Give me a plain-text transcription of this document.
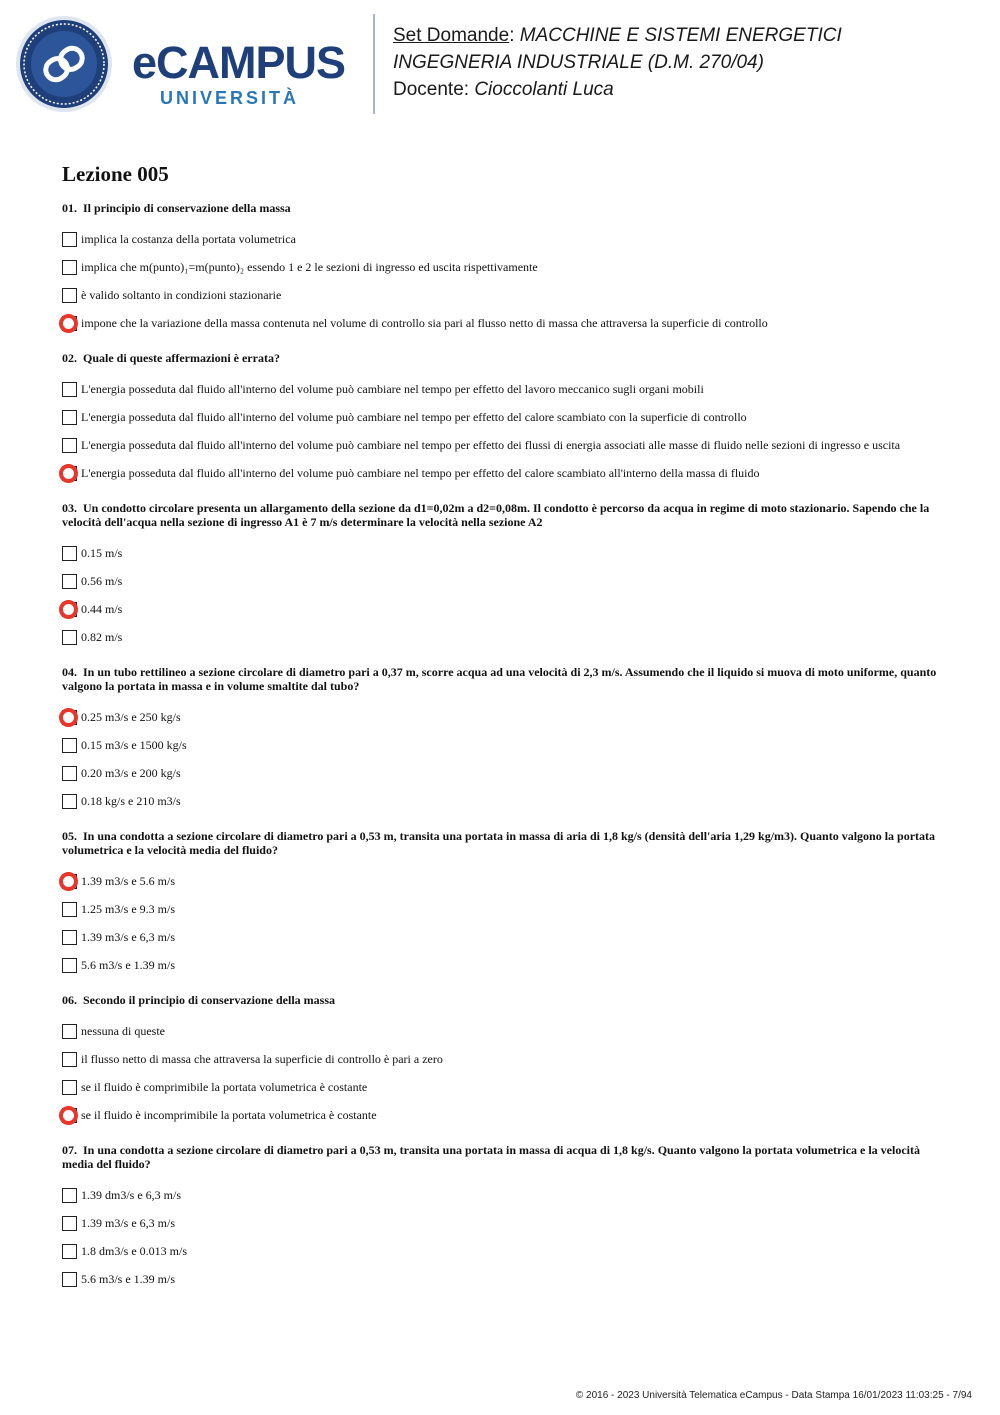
eCAMPUS
UNIVERSITÀ
Set Domande: MACCHINE E SISTEMI ENERGETICI
INGEGNERIA INDUSTRIALE (D.M. 270/04)
Docente: Cioccolanti Luca
Lezione 005
01. Il principio di conservazione della massa
implica la costanza della portata volumetrica
implica che m(punto)₁=m(punto)₂ essendo 1 e 2 le sezioni di ingresso ed uscita rispettivamente
è valido soltanto in condizioni stazionarie
impone che la variazione della massa contenuta nel volume di controllo sia pari al flusso netto di massa che attraversa la superficie di controllo
02. Quale di queste affermazioni è errata?
L'energia posseduta dal fluido all'interno del volume può cambiare nel tempo per effetto del lavoro meccanico sugli organi mobili
L'energia posseduta dal fluido all'interno del volume può cambiare nel tempo per effetto del calore scambiato con la superficie di controllo
L'energia posseduta dal fluido all'interno del volume può cambiare nel tempo per effetto dei flussi di energia associati alle masse di fluido nelle sezioni di ingresso e uscita
L'energia posseduta dal fluido all'interno del volume può cambiare nel tempo per effetto del calore scambiato all'interno della massa di fluido
03. Un condotto circolare presenta un allargamento della sezione da d1=0,02m a d2=0,08m. Il condotto è percorso da acqua in regime di moto stazionario. Sapendo che la velocità dell'acqua nella sezione di ingresso A1 è 7 m/s determinare la velocità nella sezione A2
0.15 m/s
0.56 m/s
0.44 m/s
0.82 m/s
04. In un tubo rettilineo a sezione circolare di diametro pari a 0,37 m, scorre acqua ad una velocità di 2,3 m/s. Assumendo che il liquido si muova di moto uniforme, quanto valgono la portata in massa e in volume smaltite dal tubo?
0.25 m3/s e 250 kg/s
0.15 m3/s e 1500 kg/s
0.20 m3/s e 200 kg/s
0.18 kg/s e 210 m3/s
05. In una condotta a sezione circolare di diametro pari a 0,53 m, transita una portata in massa di aria di 1,8 kg/s (densità dell'aria 1,29 kg/m3). Quanto valgono la portata volumetrica e la velocità media del fluido?
1.39 m3/s e 5.6 m/s
1.25 m3/s e 9.3 m/s
1.39 m3/s e 6,3 m/s
5.6 m3/s e 1.39 m/s
06. Secondo il principio di conservazione della massa
nessuna di queste
il flusso netto di massa che attraversa la superficie di controllo è pari a zero
se il fluido è comprimibile la portata volumetrica è costante
se il fluido è incomprimibile la portata volumetrica è costante
07. In una condotta a sezione circolare di diametro pari a 0,53 m, transita una portata in massa di acqua di 1,8 kg/s. Quanto valgono la portata volumetrica e la velocità media del fluido?
1.39 dm3/s e 6,3 m/s
1.39 m3/s e 6,3 m/s
1.8 dm3/s e 0.013 m/s
5.6 m3/s e 1.39 m/s
© 2016 - 2023 Università Telematica eCampus - Data Stampa 16/01/2023 11:03:25 - 7/94
